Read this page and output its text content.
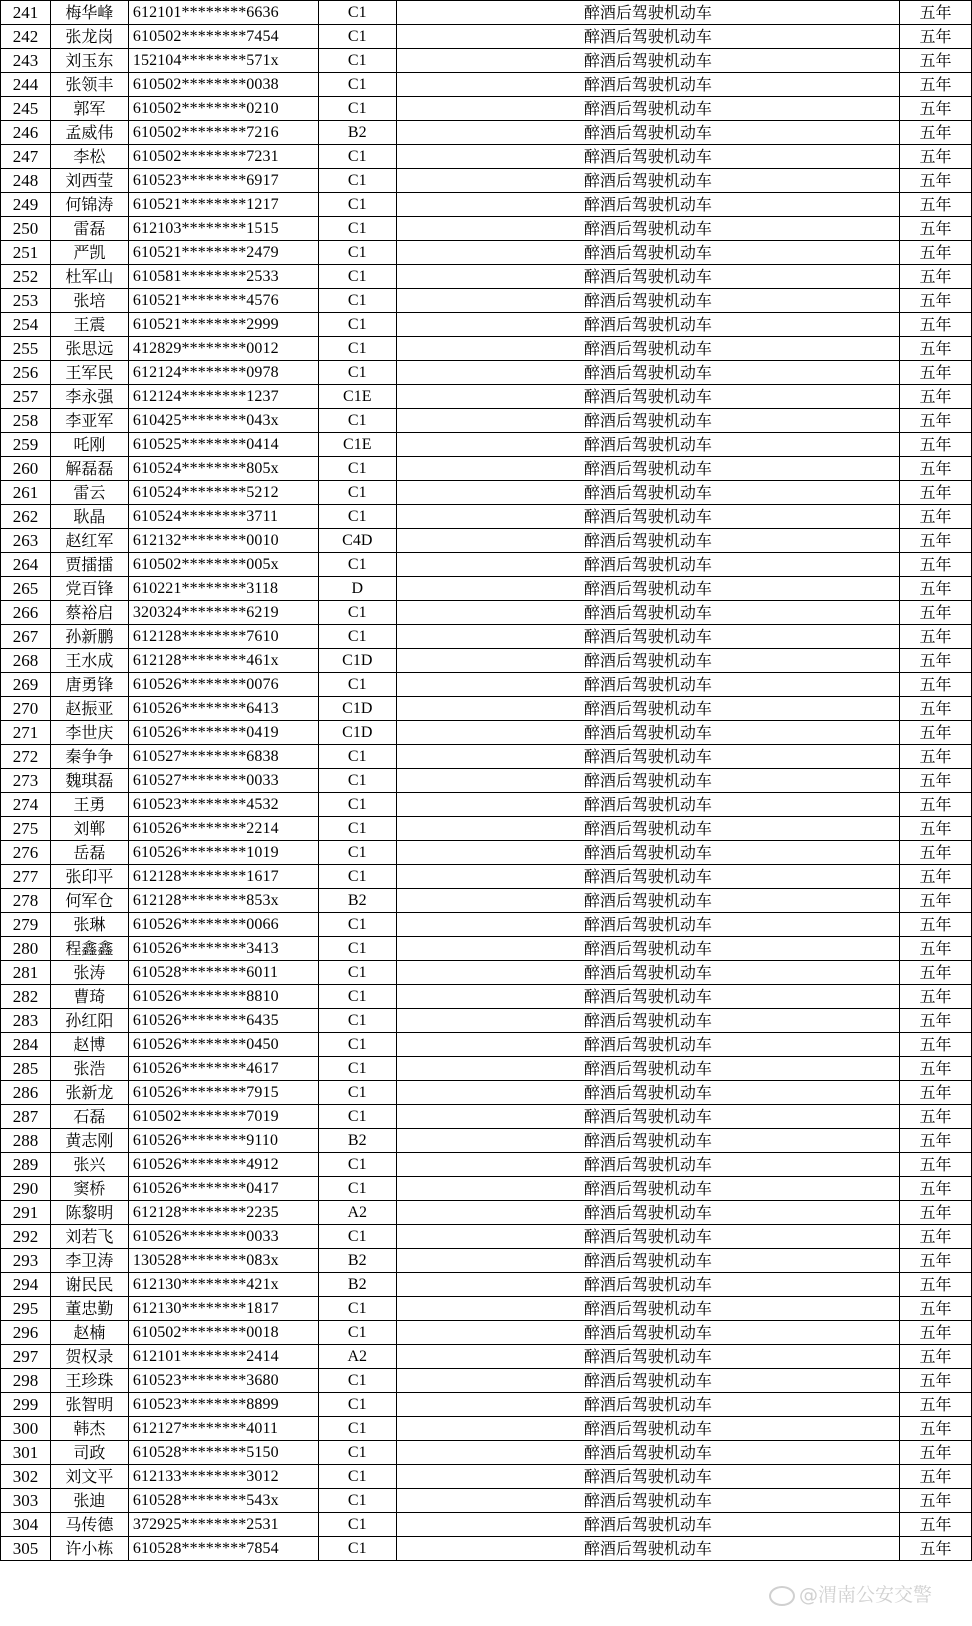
241	梅华峰	612101********6636	C1	醉酒后驾驶机动车	五年
242	张龙岗	610502********7454	C1	醉酒后驾驶机动车	五年
243	刘玉东	152104********571x	C1	醉酒后驾驶机动车	五年
244	张领丰	610502********0038	C1	醉酒后驾驶机动车	五年
245	郭军	610502********0210	C1	醉酒后驾驶机动车	五年
246	孟威伟	610502********7216	B2	醉酒后驾驶机动车	五年
247	李松	610502********7231	C1	醉酒后驾驶机动车	五年
248	刘西莹	610523********6917	C1	醉酒后驾驶机动车	五年
249	何锦涛	610521********1217	C1	醉酒后驾驶机动车	五年
250	雷磊	612103********1515	C1	醉酒后驾驶机动车	五年
251	严凯	610521********2479	C1	醉酒后驾驶机动车	五年
252	杜军山	610581********2533	C1	醉酒后驾驶机动车	五年
253	张培	610521********4576	C1	醉酒后驾驶机动车	五年
254	王震	610521********2999	C1	醉酒后驾驶机动车	五年
255	张思远	412829********0012	C1	醉酒后驾驶机动车	五年
256	王军民	612124********0978	C1	醉酒后驾驶机动车	五年
257	李永强	612124********1237	C1E	醉酒后驾驶机动车	五年
258	李亚军	610425********043x	C1	醉酒后驾驶机动车	五年
259	吒刚	610525********0414	C1E	醉酒后驾驶机动车	五年
260	解磊磊	610524********805x	C1	醉酒后驾驶机动车	五年
261	雷云	610524********5212	C1	醉酒后驾驶机动车	五年
262	耿晶	610524********3711	C1	醉酒后驾驶机动车	五年
263	赵红军	612132********0010	C4D	醉酒后驾驶机动车	五年
264	贾擂擂	610502********005x	C1	醉酒后驾驶机动车	五年
265	党百锋	610221********3118	D	醉酒后驾驶机动车	五年
266	蔡裕启	320324********6219	C1	醉酒后驾驶机动车	五年
267	孙新鹏	612128********7610	C1	醉酒后驾驶机动车	五年
268	王水成	612128********461x	C1D	醉酒后驾驶机动车	五年
269	唐勇锋	610526********0076	C1	醉酒后驾驶机动车	五年
270	赵振亚	610526********6413	C1D	醉酒后驾驶机动车	五年
271	李世庆	610526********0419	C1D	醉酒后驾驶机动车	五年
272	秦争争	610527********6838	C1	醉酒后驾驶机动车	五年
273	魏琪磊	610527********0033	C1	醉酒后驾驶机动车	五年
274	王勇	610523********4532	C1	醉酒后驾驶机动车	五年
275	刘郸	610526********2214	C1	醉酒后驾驶机动车	五年
276	岳磊	610526********1019	C1	醉酒后驾驶机动车	五年
277	张印平	612128********1617	C1	醉酒后驾驶机动车	五年
278	何军仓	612128********853x	B2	醉酒后驾驶机动车	五年
279	张琳	610526********0066	C1	醉酒后驾驶机动车	五年
280	程鑫鑫	610526********3413	C1	醉酒后驾驶机动车	五年
281	张涛	610528********6011	C1	醉酒后驾驶机动车	五年
282	曹琦	610526********8810	C1	醉酒后驾驶机动车	五年
283	孙红阳	610526********6435	C1	醉酒后驾驶机动车	五年
284	赵博	610526********0450	C1	醉酒后驾驶机动车	五年
285	张浩	610526********4617	C1	醉酒后驾驶机动车	五年
286	张新龙	610526********7915	C1	醉酒后驾驶机动车	五年
287	石磊	610502********7019	C1	醉酒后驾驶机动车	五年
288	黄志刚	610526********9110	B2	醉酒后驾驶机动车	五年
289	张兴	610526********4912	C1	醉酒后驾驶机动车	五年
290	窦桥	610526********0417	C1	醉酒后驾驶机动车	五年
291	陈黎明	612128********2235	A2	醉酒后驾驶机动车	五年
292	刘若飞	610526********0033	C1	醉酒后驾驶机动车	五年
293	李卫涛	130528********083x	B2	醉酒后驾驶机动车	五年
294	谢民民	612130********421x	B2	醉酒后驾驶机动车	五年
295	董忠勤	612130********1817	C1	醉酒后驾驶机动车	五年
296	赵楠	610502********0018	C1	醉酒后驾驶机动车	五年
297	贺权录	612101********2414	A2	醉酒后驾驶机动车	五年
298	王珍珠	610523********3680	C1	醉酒后驾驶机动车	五年
299	张智明	610523********8899	C1	醉酒后驾驶机动车	五年
300	韩杰	612127********4011	C1	醉酒后驾驶机动车	五年
301	司政	610528********5150	C1	醉酒后驾驶机动车	五年
302	刘文平	612133********3012	C1	醉酒后驾驶机动车	五年
303	张迪	610528********543x	C1	醉酒后驾驶机动车	五年
304	马传德	372925********2531	C1	醉酒后驾驶机动车	五年
305	许小栋	610528********7854	C1	醉酒后驾驶机动车	五年
@渭南公安交警
